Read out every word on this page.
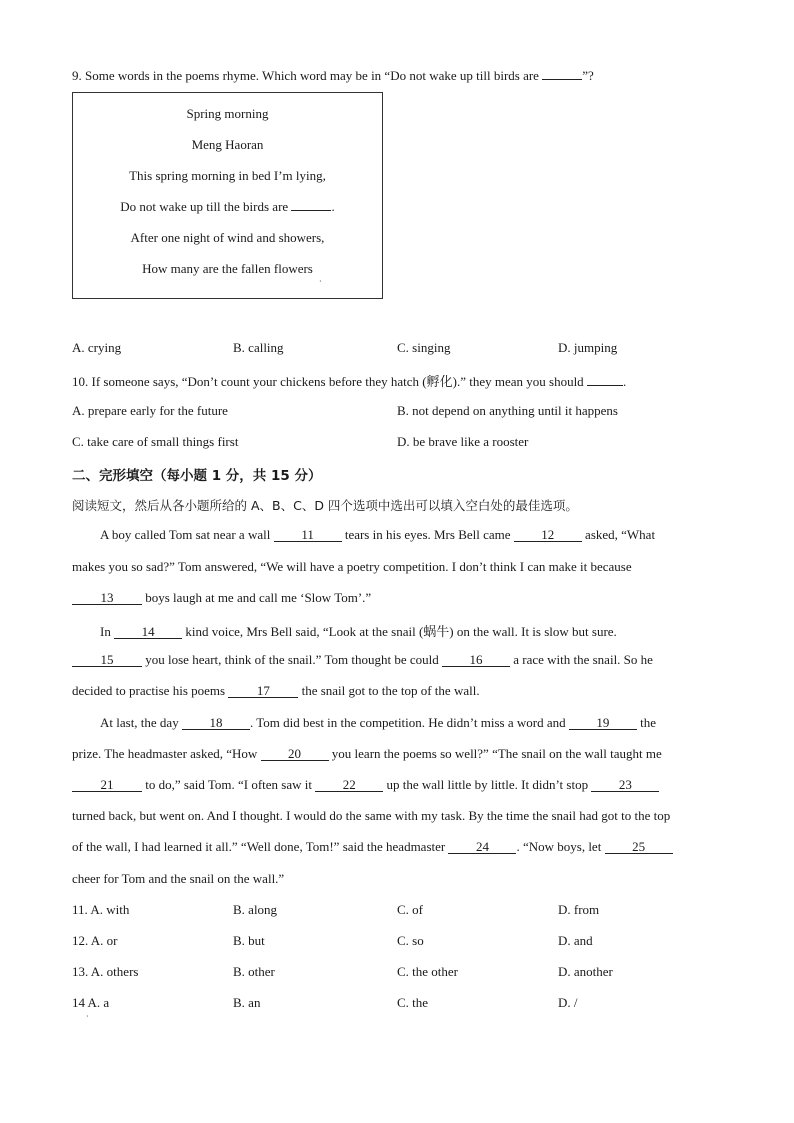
9. Some words in the poems rhyme. Which word may be in “Do not wake up till birds are	”?
Spring morning
Meng Haoran
This spring morning in bed I’m lying,
Do not wake up till the birds are	.
After one night of wind and showers,
How many are the fallen flowers
·
A. crying	B. calling	C. singing	D. jumping
10. If someone says, “Don’t count your chickens before they hatch (孵化).” they mean you should	.
A. prepare early for the future	B. not depend on anything until it happens
C. take care of small things first	D. be brave like a rooster
二、完形填空（每小题 1 分，共 15 分）
阅读短文，然后从各小题所给的 A、B、C、D 四个选项中选出可以填入空白处的最佳选项。
A boy called Tom sat near a wall 11 tears in his eyes. Mrs Bell came 12 asked, “What
makes you so sad?” Tom answered, “We will have a poetry competition. I don’t think I can make it because
13 boys laugh at me and call me ‘Slow Tom’.”
In 14 kind voice, Mrs Bell said, “Look at the snail (蜗牛) on the wall. It is slow but sure.
15 you lose heart, think of the snail.” Tom thought be could 16 a race with the snail. So he
decided to practise his poems 17 the snail got to the top of the wall.
At last, the day 18 . Tom did best in the competition. He didn’t miss a word and 19 the
prize. The headmaster asked, “How 20 you learn the poems so well?” “The snail on the wall taught me
21 to do,” said Tom. “I often saw it 22 up the wall little by little. It didn’t stop 23
turned back, but went on. And I thought. I would do the same with my task. By the time the snail had got to the top
of the wall, I had learned it all.” “Well done, Tom!” said the headmaster 24 . “Now boys, let 25
cheer for Tom and the snail on the wall.”
11. A. with	B. along	C. of	D. from
12. A. or	B. but	C. so	D. and
13. A. others	B. other	C. the other	D. another
14 A. a	B. an	C. the	D. /
·
